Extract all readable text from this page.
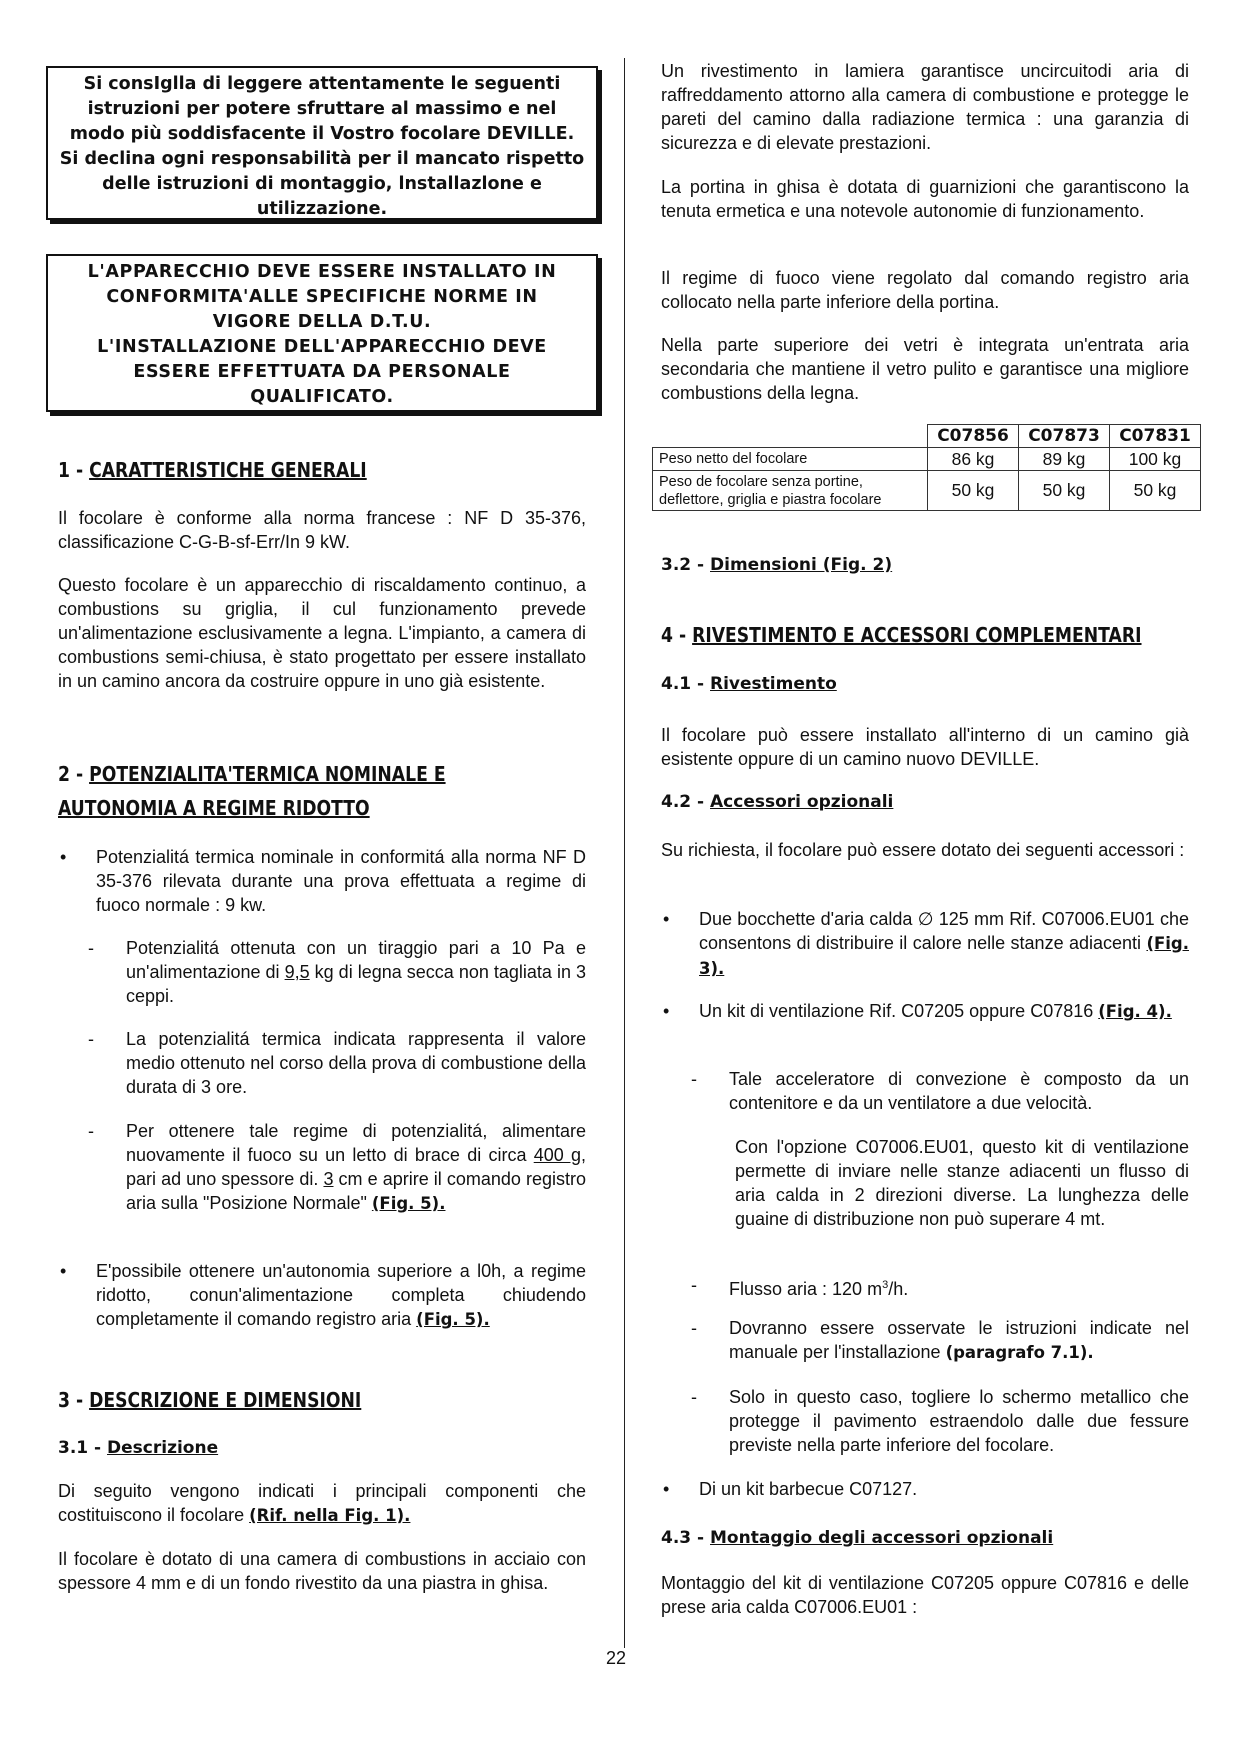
Si consIglla di leggere attentamente le seguenti
istruzioni per potere sfruttare al massimo e nel
modo più soddisfacente il Vostro focolare DEVILLE.
Si declina ogni responsabilità per il mancato rispetto
delle istruzioni di montaggio, lnstallazlone e
utilizzazione.
L'APPARECCHIO DEVE ESSERE INSTALLATO IN
CONFORMITA'ALLE SPECIFICHE NORME IN
VIGORE DELLA D.T.U.
L'INSTALLAZIONE DELL'APPARECCHIO DEVE
ESSERE EFFETTUATA DA PERSONALE
QUALIFICATO.
1 - CARATTERISTICHE GENERALI

Il focolare è conforme alla norma francese : NF D 35-376, classificazione C-G-B-sf-Err/In 9 kW.

Questo focolare è un apparecchio di riscaldamento continuo, a combustions su griglia, il cul funzionamento prevede un'alimentazione esclusivamente a legna. L'impianto, a camera di combustions semi-chiusa, è stato progettato per essere installato in un camino ancora da costruire oppure in uno già esistente.

2 - POTENZIALITA'TERMICA NOMINALE E
AUTONOMIA A REGIME RIDOTTO
• Potenzialitá termica nominale in conformitá alla norma NF D 35-376 rilevata durante una prova effettuata a regime di fuoco normale : 9 kw.

- Potenzialitá ottenuta con un tiraggio pari a 10 Pa e un'alimentazione di 9,5 kg di legna secca non tagliata in 3 ceppi.

- La potenzialitá termica indicata rappresenta il valore medio ottenuto nel corso della prova di combustione della durata di 3 ore.

- Per ottenere tale regime di potenzialitá, alimentare nuovamente il fuoco su un letto di brace di circa 400 g, pari ad uno spessore di. 3 cm e aprire il comando registro aria sulla "Posizione Normale" (Fig. 5).

• E'possibile ottenere un'autonomia superiore a l0h, a regime ridotto, conun'alimentazione completa chiudendo completamente il comando registro aria (Fig. 5).

3 - DESCRIZIONE E DIMENSIONI
3.1 - Descrizione

Di seguito vengono indicati i principali componenti che costituiscono il focolare (Rif. nella Fig. 1).

Il focolare è dotato di una camera di combustions in acciaio con spessore 4 mm e di un fondo rivestito da una piastra in ghisa.

Un rivestimento in lamiera garantisce uncircuitodi aria di raffreddamento attorno alla camera di combustione e protegge le pareti del camino dalla radiazione termica : una garanzia di sicurezza e di elevate prestazioni.

La portina in ghisa è dotata di guarnizioni che garantiscono la tenuta ermetica e una notevole autonomie di funzionamento.

Il regime di fuoco viene regolato dal comando registro aria collocato nella parte inferiore della portina.

Nella parte superiore dei vetri è integrata un'entrata aria secondaria che mantiene il vetro pulito e garantisce una migliore combustions della legna.

3.2 - Dimensioni (Fig. 2)
4 - RIVESTIMENTO E ACCESSORI COMPLEMENTARI
4.1 - Rivestimento

Il focolare può essere installato all'interno di un camino già esistente oppure di un camino nuovo DEVILLE.

4.2 - Accessori opzionali

Su richiesta, il focolare può essere dotato dei seguenti accessori :

• Due bocchette d'aria calda ∅ 125 mm Rif. C07006.EU01 che consentons di distribuire il calore nelle stanze adiacenti (Fig. 3).

• Un kit di ventilazione Rif. C07205 oppure C07816 (Fig. 4).

- Tale acceleratore di convezione è composto da un contenitore e da un ventilatore a due velocità.

Con l'opzione C07006.EU01, questo kit di ventilazione permette di inviare nelle stanze adiacenti un flusso di aria calda in 2 direzioni diverse. La lunghezza delle guaine di distribuzione non può superare 4 mt.

- Flusso aria : 120 $m^3/h$.

- Dovranno essere osservate le istruzioni indicate nel manuale per l'installazione (paragrafo 7.1).

- Solo in questo caso, togliere lo schermo metallico che protegge il pavimento estraendolo dalle due fessure previste nella parte inferiore del focolare.

• Di un kit barbecue C07127.

4.3 - Montaggio degli accessori opzionali

Montaggio del kit di ventilazione C07205 oppure C07816 e delle prese aria calda C07006.EU01 :

	C07856	C07873	C07831
Peso netto del focolare	86 kg	89 kg	100 kg
Peso de focolare senza portine,
deflettore, griglia e piastra focolare	50 kg	50 kg	50 kg
22
